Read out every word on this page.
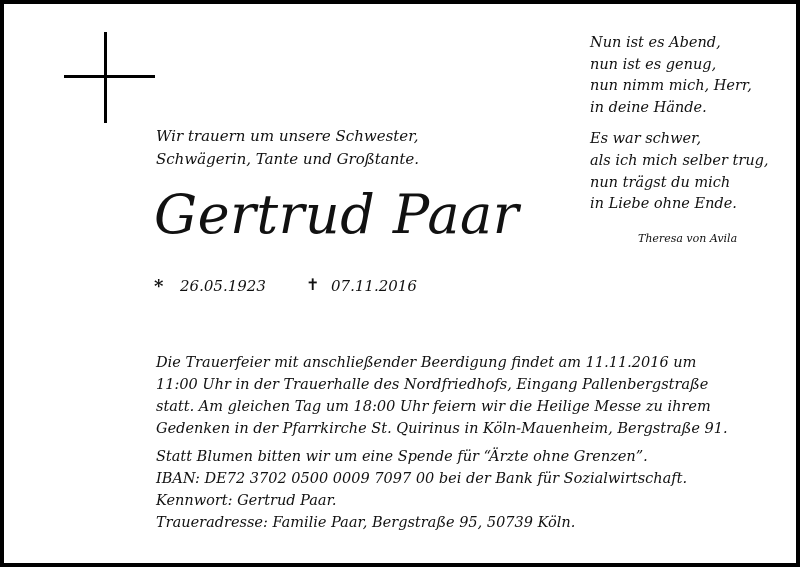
Nun ist es Abend,
nun ist es genug,
nun nimm mich, Herr,
in deine Hände.
Es war schwer,
als ich mich selber trug,
nun trägst du mich
in Liebe ohne Ende.
Theresa von Avila
Wir trauern um unsere Schwester,
Schwägerin, Tante und Großtante.
Gertrud Paar
* 26.05.1923	✝ 07.11.2016
Die Trauerfeier mit anschließender Beerdigung findet am 11.11.2016 um
11:00 Uhr in der Trauerhalle des Nordfriedhofs, Eingang Pallenbergstraße
statt. Am gleichen Tag um 18:00 Uhr feiern wir die Heilige Messe zu ihrem
Gedenken in der Pfarrkirche St. Quirinus in Köln-Mauenheim, Bergstraße 91.
Statt Blumen bitten wir um eine Spende für “Ärzte ohne Grenzen”.
IBAN: DE72 3702 0500 0009 7097 00 bei der Bank für Sozialwirtschaft.
Kennwort: Gertrud Paar.
Traueradresse: Familie Paar, Bergstraße 95, 50739 Köln.
